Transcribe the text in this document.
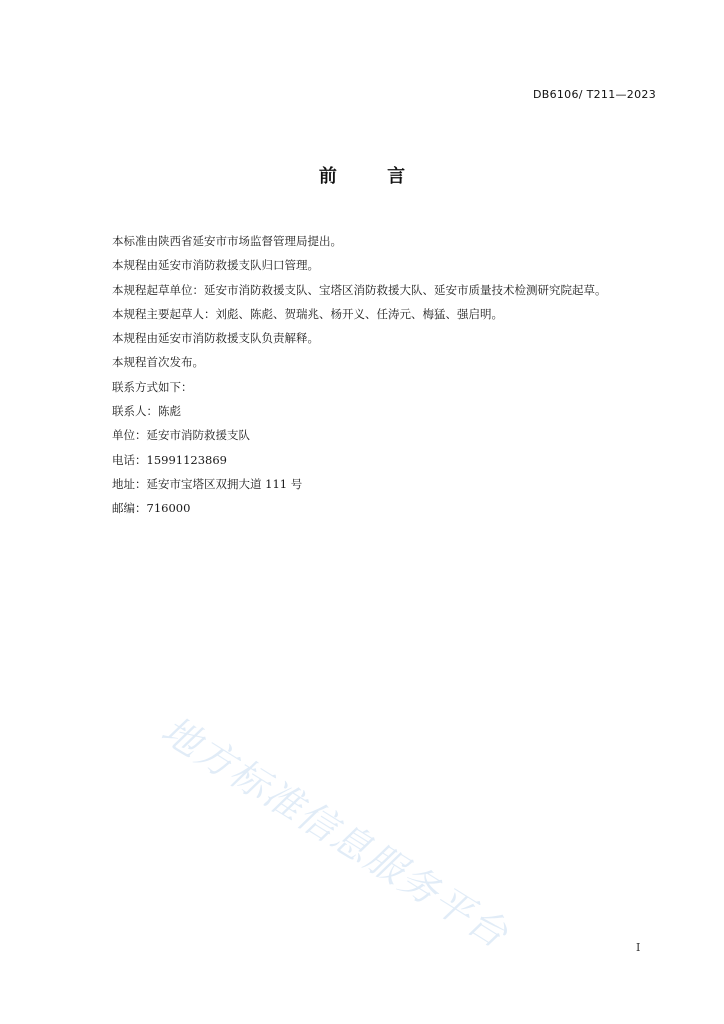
DB6106/ T211—2023
前 言
本标准由陕西省延安市市场监督管理局提出。
本规程由延安市消防救援支队归口管理。
本规程起草单位：延安市消防救援支队、宝塔区消防救援大队、延安市质量技术检测研究院起草。
本规程主要起草人：刘彪、陈彪、贺瑞兆、杨开义、任涛元、梅猛、强启明。
本规程由延安市消防救援支队负责解释。
本规程首次发布。
联系方式如下：
联系人：陈彪
单位：延安市消防救援支队
电话：15991123869
地址：延安市宝塔区双拥大道 111 号
邮编：716000
地方标准信息服务平台	I
